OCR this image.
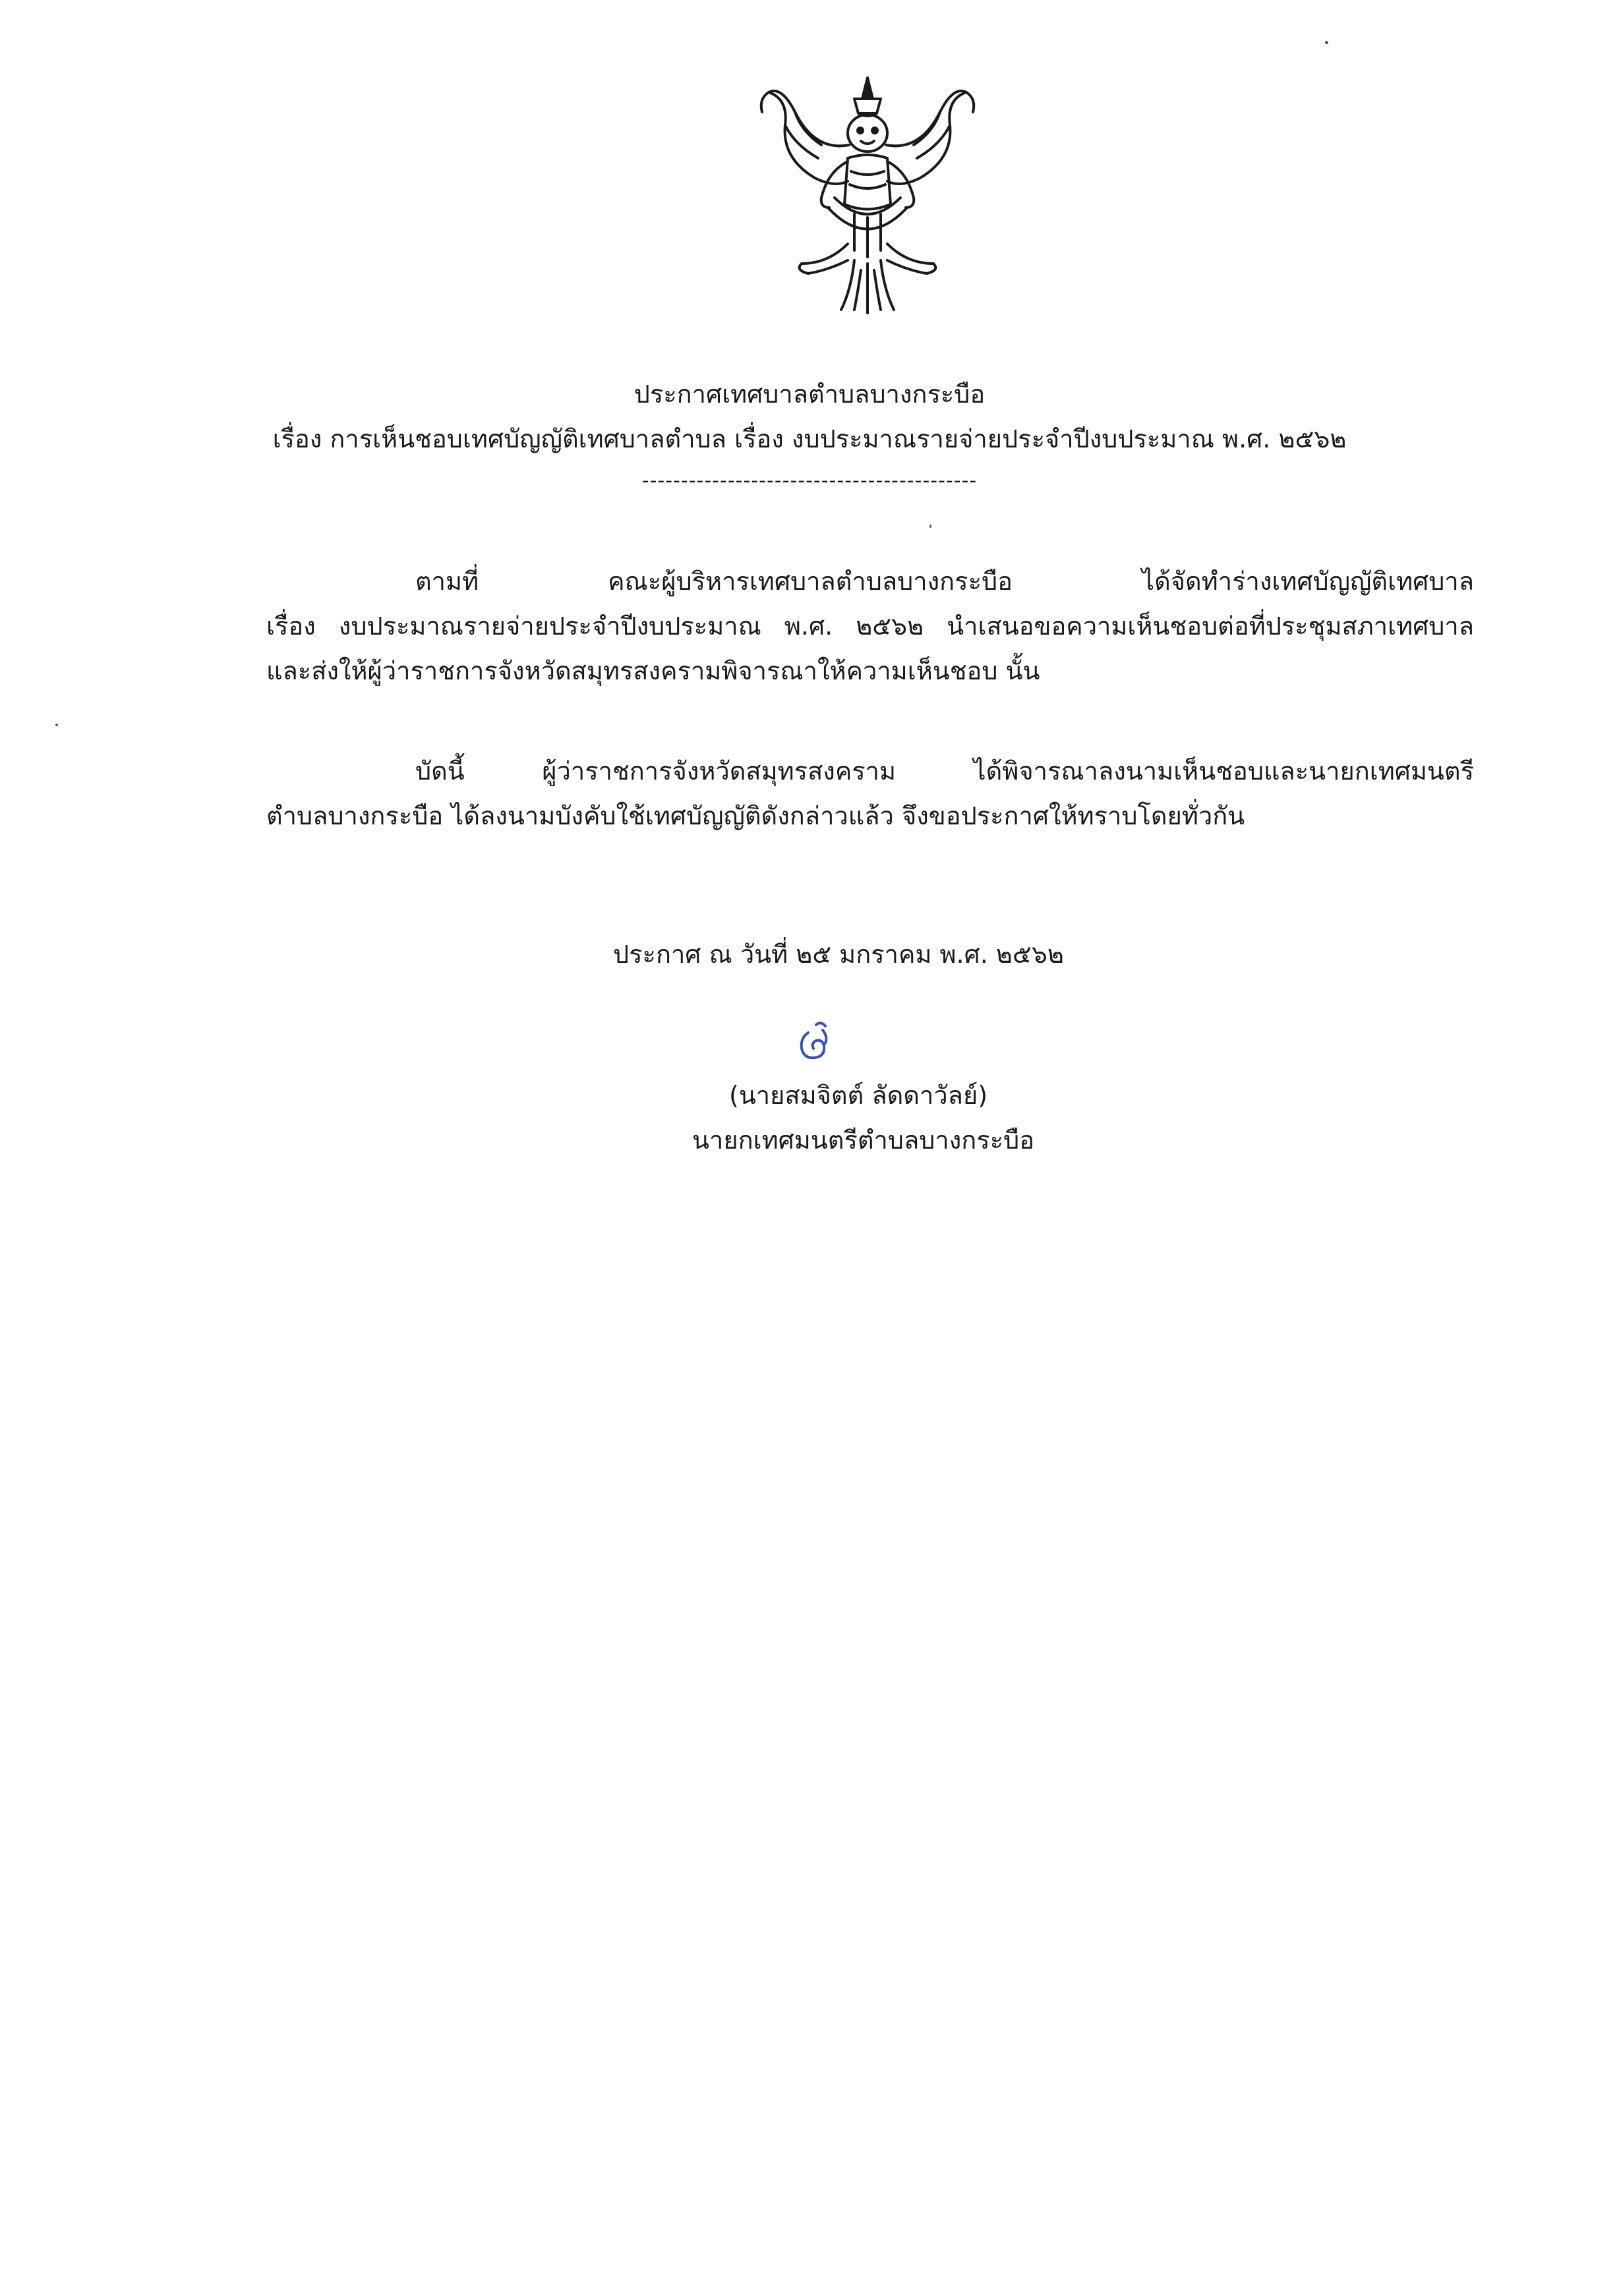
ประกาศเทศบาลตำบลบางกระบือ
เรื่อง การเห็นชอบเทศบัญญัติเทศบาลตำบล เรื่อง งบประมาณรายจ่ายประจำปีงบประมาณ พ.ศ. ๒๕๖๒
-------------------------------------------
ตามที่ คณะผู้บริหารเทศบาลตำบลบางกระบือ ได้จัดทำร่างเทศบัญญัติเทศบาล
เรื่อง งบประมาณรายจ่ายประจำปีงบประมาณ พ.ศ. ๒๕๖๒ นำเสนอขอความเห็นชอบต่อที่ประชุมสภาเทศบาล
และส่งให้ผู้ว่าราชการจังหวัดสมุทรสงครามพิจารณาให้ความเห็นชอบ นั้น
บัดนี้ ผู้ว่าราชการจังหวัดสมุทรสงคราม ได้พิจารณาลงนามเห็นชอบและนายกเทศมนตรี
ตำบลบางกระบือ ได้ลงนามบังคับใช้เทศบัญญัติดังกล่าวแล้ว จึงขอประกาศให้ทราบโดยทั่วกัน
ประกาศ ณ วันที่ ๒๕ มกราคม พ.ศ. ๒๕๖๒
(นายสมจิตต์ ลัดดาวัลย์)
นายกเทศมนตรีตำบลบางกระบือ
